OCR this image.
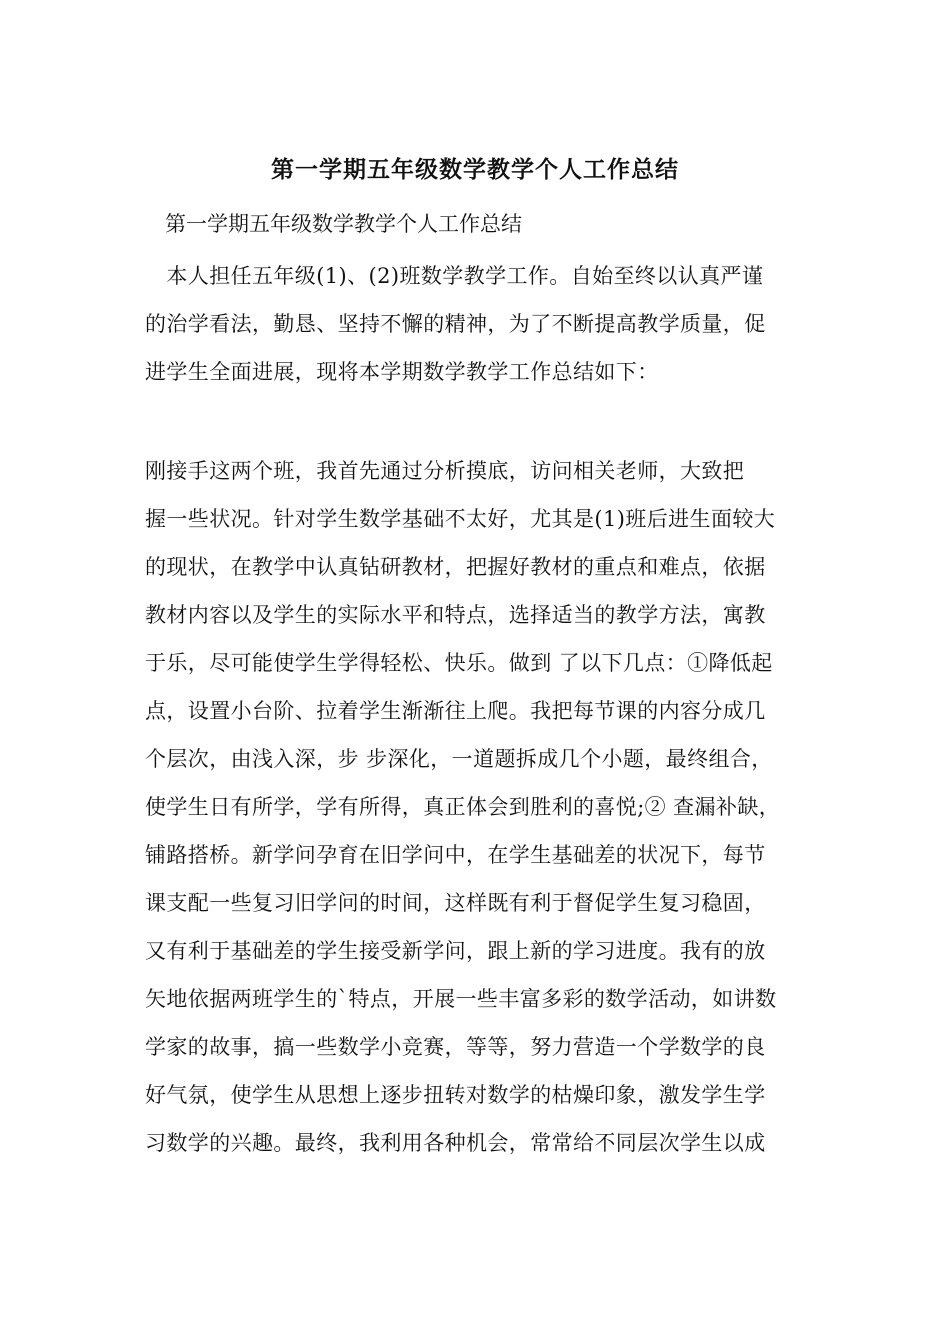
第一学期五年级数学教学个人工作总结
第一学期五年级数学教学个人工作总结
　本人担任五年级(1)、(2)班数学教学工作。自始至终以认真严谨
的治学看法，勤恳、坚持不懈的精神，为了不断提高教学质量，促
进学生全面进展，现将本学期数学教学工作总结如下：
刚接手这两个班，我首先通过分析摸底，访问相关老师，大致把
握一些状况。针对学生数学基础不太好，尤其是(1)班后进生面较大
的现状，在教学中认真钻研教材，把握好教材的重点和难点，依据
教材内容以及学生的实际水平和特点，选择适当的教学方法，寓教
于乐，尽可能使学生学得轻松、快乐。做到 了以下几点：①降低起
点，设置小台阶、拉着学生渐渐往上爬。我把每节课的内容分成几
个层次，由浅入深，步 步深化，一道题拆成几个小题，最终组合，
使学生日有所学，学有所得，真正体会到胜利的喜悦;② 查漏补缺，
铺路搭桥。新学问孕育在旧学问中，在学生基础差的状况下，每节
课支配一些复习旧学问的时间，这样既有利于督促学生复习稳固，
又有利于基础差的学生接受新学问，跟上新的学习进度。我有的放
矢地依据两班学生的`特点，开展一些丰富多彩的数学活动，如讲数
学家的故事，搞一些数学小竞赛，等等，努力营造一个学数学的良
好气氛，使学生从思想上逐步扭转对数学的枯燥印象，激发学生学
习数学的兴趣。最终，我利用各种机会，常常给不同层次学生以成
